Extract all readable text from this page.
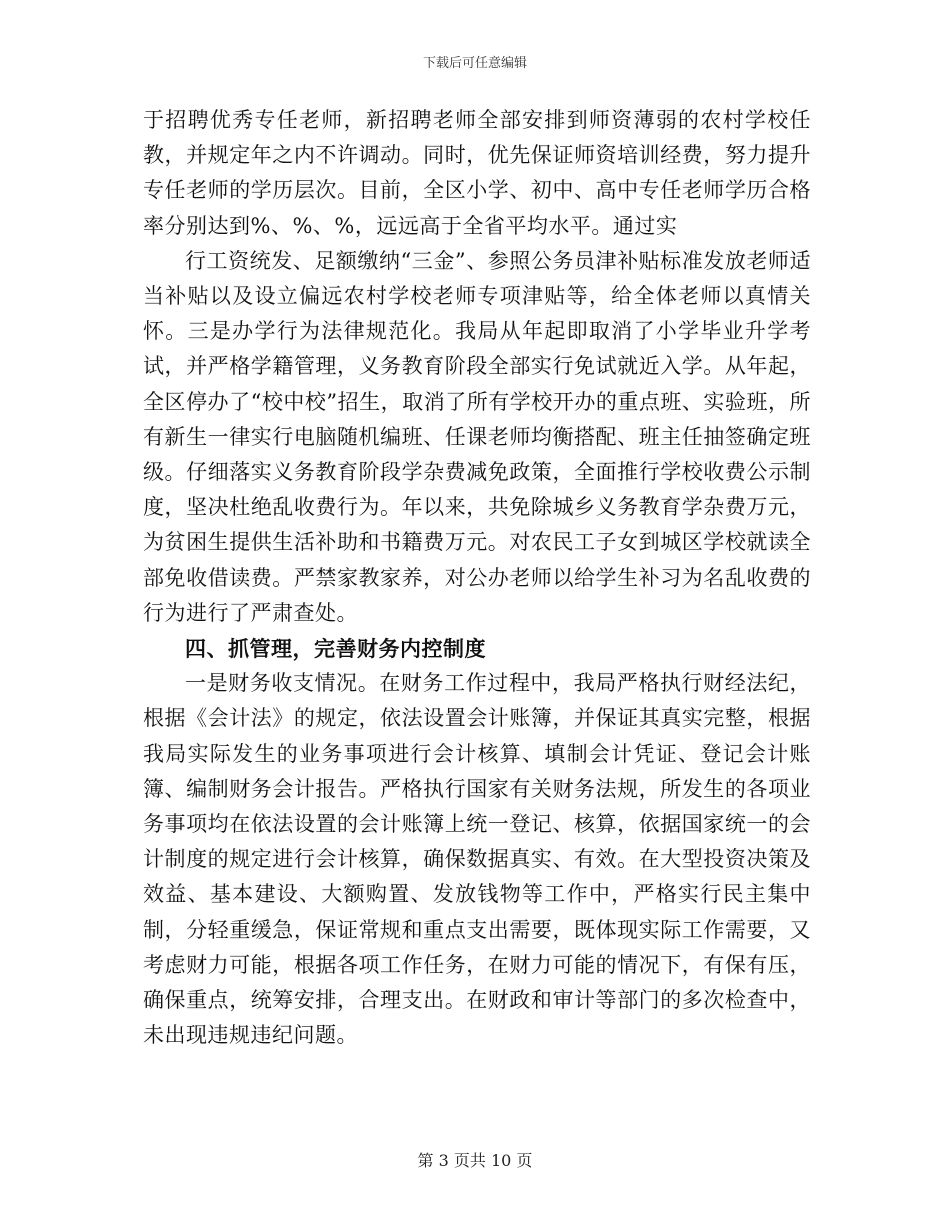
下载后可任意编辑

于招聘优秀专任老师，新招聘老师全部安排到师资薄弱的农村学校任教，并规定年之内不许调动。同时，优先保证师资培训经费，努力提升专任老师的学历层次。目前，全区小学、初中、高中专任老师学历合格率分别达到%、%、%，远远高于全省平均水平。通过实

行工资统发、足额缴纳“三金”、参照公务员津补贴标准发放老师适当补贴以及设立偏远农村学校老师专项津贴等，给全体老师以真情关怀。三是办学行为法律规范化。我局从年起即取消了小学毕业升学考试，并严格学籍管理，义务教育阶段全部实行免试就近入学。从年起，全区停办了“校中校”招生，取消了所有学校开办的重点班、实验班，所有新生一律实行电脑随机编班、任课老师均衡搭配、班主任抽签确定班级。仔细落实义务教育阶段学杂费减免政策，全面推行学校收费公示制度，坚决杜绝乱收费行为。年以来，共免除城乡义务教育学杂费万元，为贫困生提供生活补助和书籍费万元。对农民工子女到城区学校就读全部免收借读费。严禁家教家养，对公办老师以给学生补习为名乱收费的行为进行了严肃查处。

四、抓管理，完善财务内控制度

一是财务收支情况。在财务工作过程中，我局严格执行财经法纪，根据《会计法》的规定，依法设置会计账簿，并保证其真实完整，根据我局实际发生的业务事项进行会计核算、填制会计凭证、登记会计账簿、编制财务会计报告。严格执行国家有关财务法规，所发生的各项业务事项均在依法设置的会计账簿上统一登记、核算，依据国家统一的会计制度的规定进行会计核算，确保数据真实、有效。在大型投资决策及效益、基本建设、大额购置、发放钱物等工作中，严格实行民主集中制，分轻重缓急，保证常规和重点支出需要，既体现实际工作需要，又考虑财力可能，根据各项工作任务，在财力可能的情况下，有保有压，确保重点，统筹安排，合理支出。在财政和审计等部门的多次检查中，未出现违规违纪问题。

第 3 页共 10 页
